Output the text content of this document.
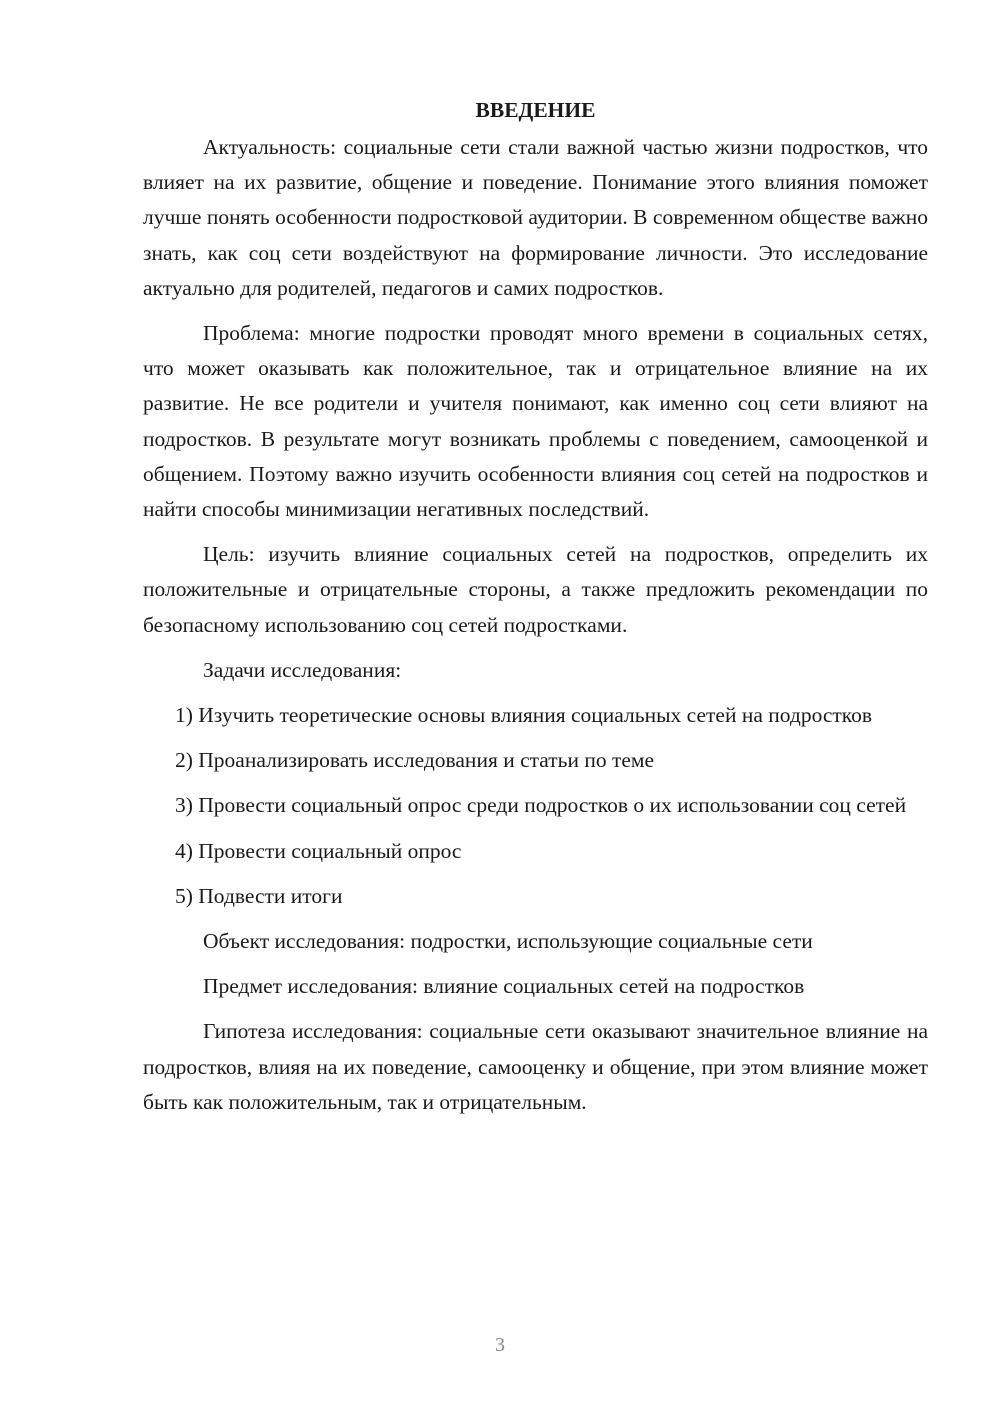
ВВЕДЕНИЕ

Актуальность: социальные сети стали важной частью жизни подростков, что влияет на их развитие, общение и поведение. Понимание этого влияния поможет лучше понять особенности подростковой аудитории. В современном обществе важно знать, как соц сети воздействуют на формирование личности. Это исследование актуально для родителей, педагогов и самих подростков.

Проблема: многие подростки проводят много времени в социальных сетях, что может оказывать как положительное, так и отрицательное влияние на их развитие. Не все родители и учителя понимают, как именно соц сети влияют на подростков. В результате могут возникать проблемы с поведением, самооценкой и общением. Поэтому важно изучить особенности влияния соц сетей на подростков и найти способы минимизации негативных последствий.

Цель: изучить влияние социальных сетей на подростков, определить их положительные и отрицательные стороны, а также предложить рекомендации по безопасному использованию соц сетей подростками.

Задачи исследования:

1) Изучить теоретические основы влияния социальных сетей на подростков

2) Проанализировать исследования и статьи по теме

3) Провести социальный опрос среди подростков о их использовании соц сетей

4) Провести социальный опрос

5) Подвести итоги

Объект исследования: подростки, использующие социальные сети

Предмет исследования: влияние социальных сетей на подростков

Гипотеза исследования: социальные сети оказывают значительное влияние на подростков, влияя на их поведение, самооценку и общение, при этом влияние может быть как положительным, так и отрицательным.

3
